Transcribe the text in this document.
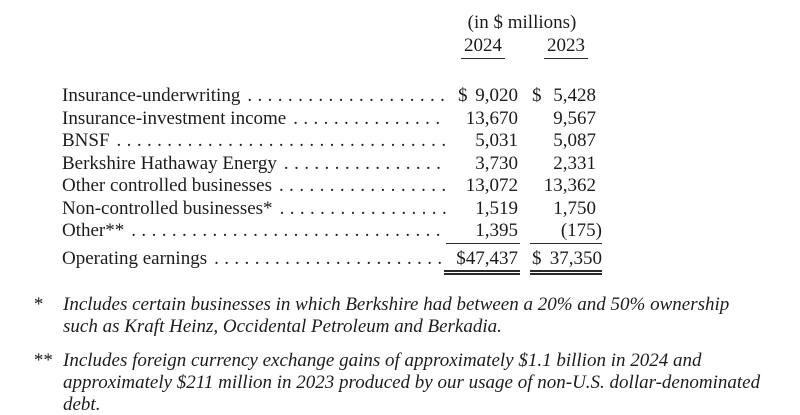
(in $ millions)
2024	2023
Insurance-underwriting .....	$ 9,020 $ 5,428
Insurance-investment income .....	13,670 9,567
BNSF .....	5,031 5,087
Berkshire Hathaway Energy .....	3,730 2,331
Other controlled businesses .....	13,072 13,362
Non-controlled businesses* .....	1,519 1,750
Other** .....	1,395 (175)
Operating earnings .....	$ 47,437 $ 37,350
*	Includes certain businesses in which Berkshire had between a 20% and 50% ownership
such as Kraft Heinz, Occidental Petroleum and Berkadia.
** Includes foreign currency exchange gains of approximately $1.1 billion in 2024 and
approximately $211 million in 2023 produced by our usage of non-U.S. dollar-denominated
debt.
